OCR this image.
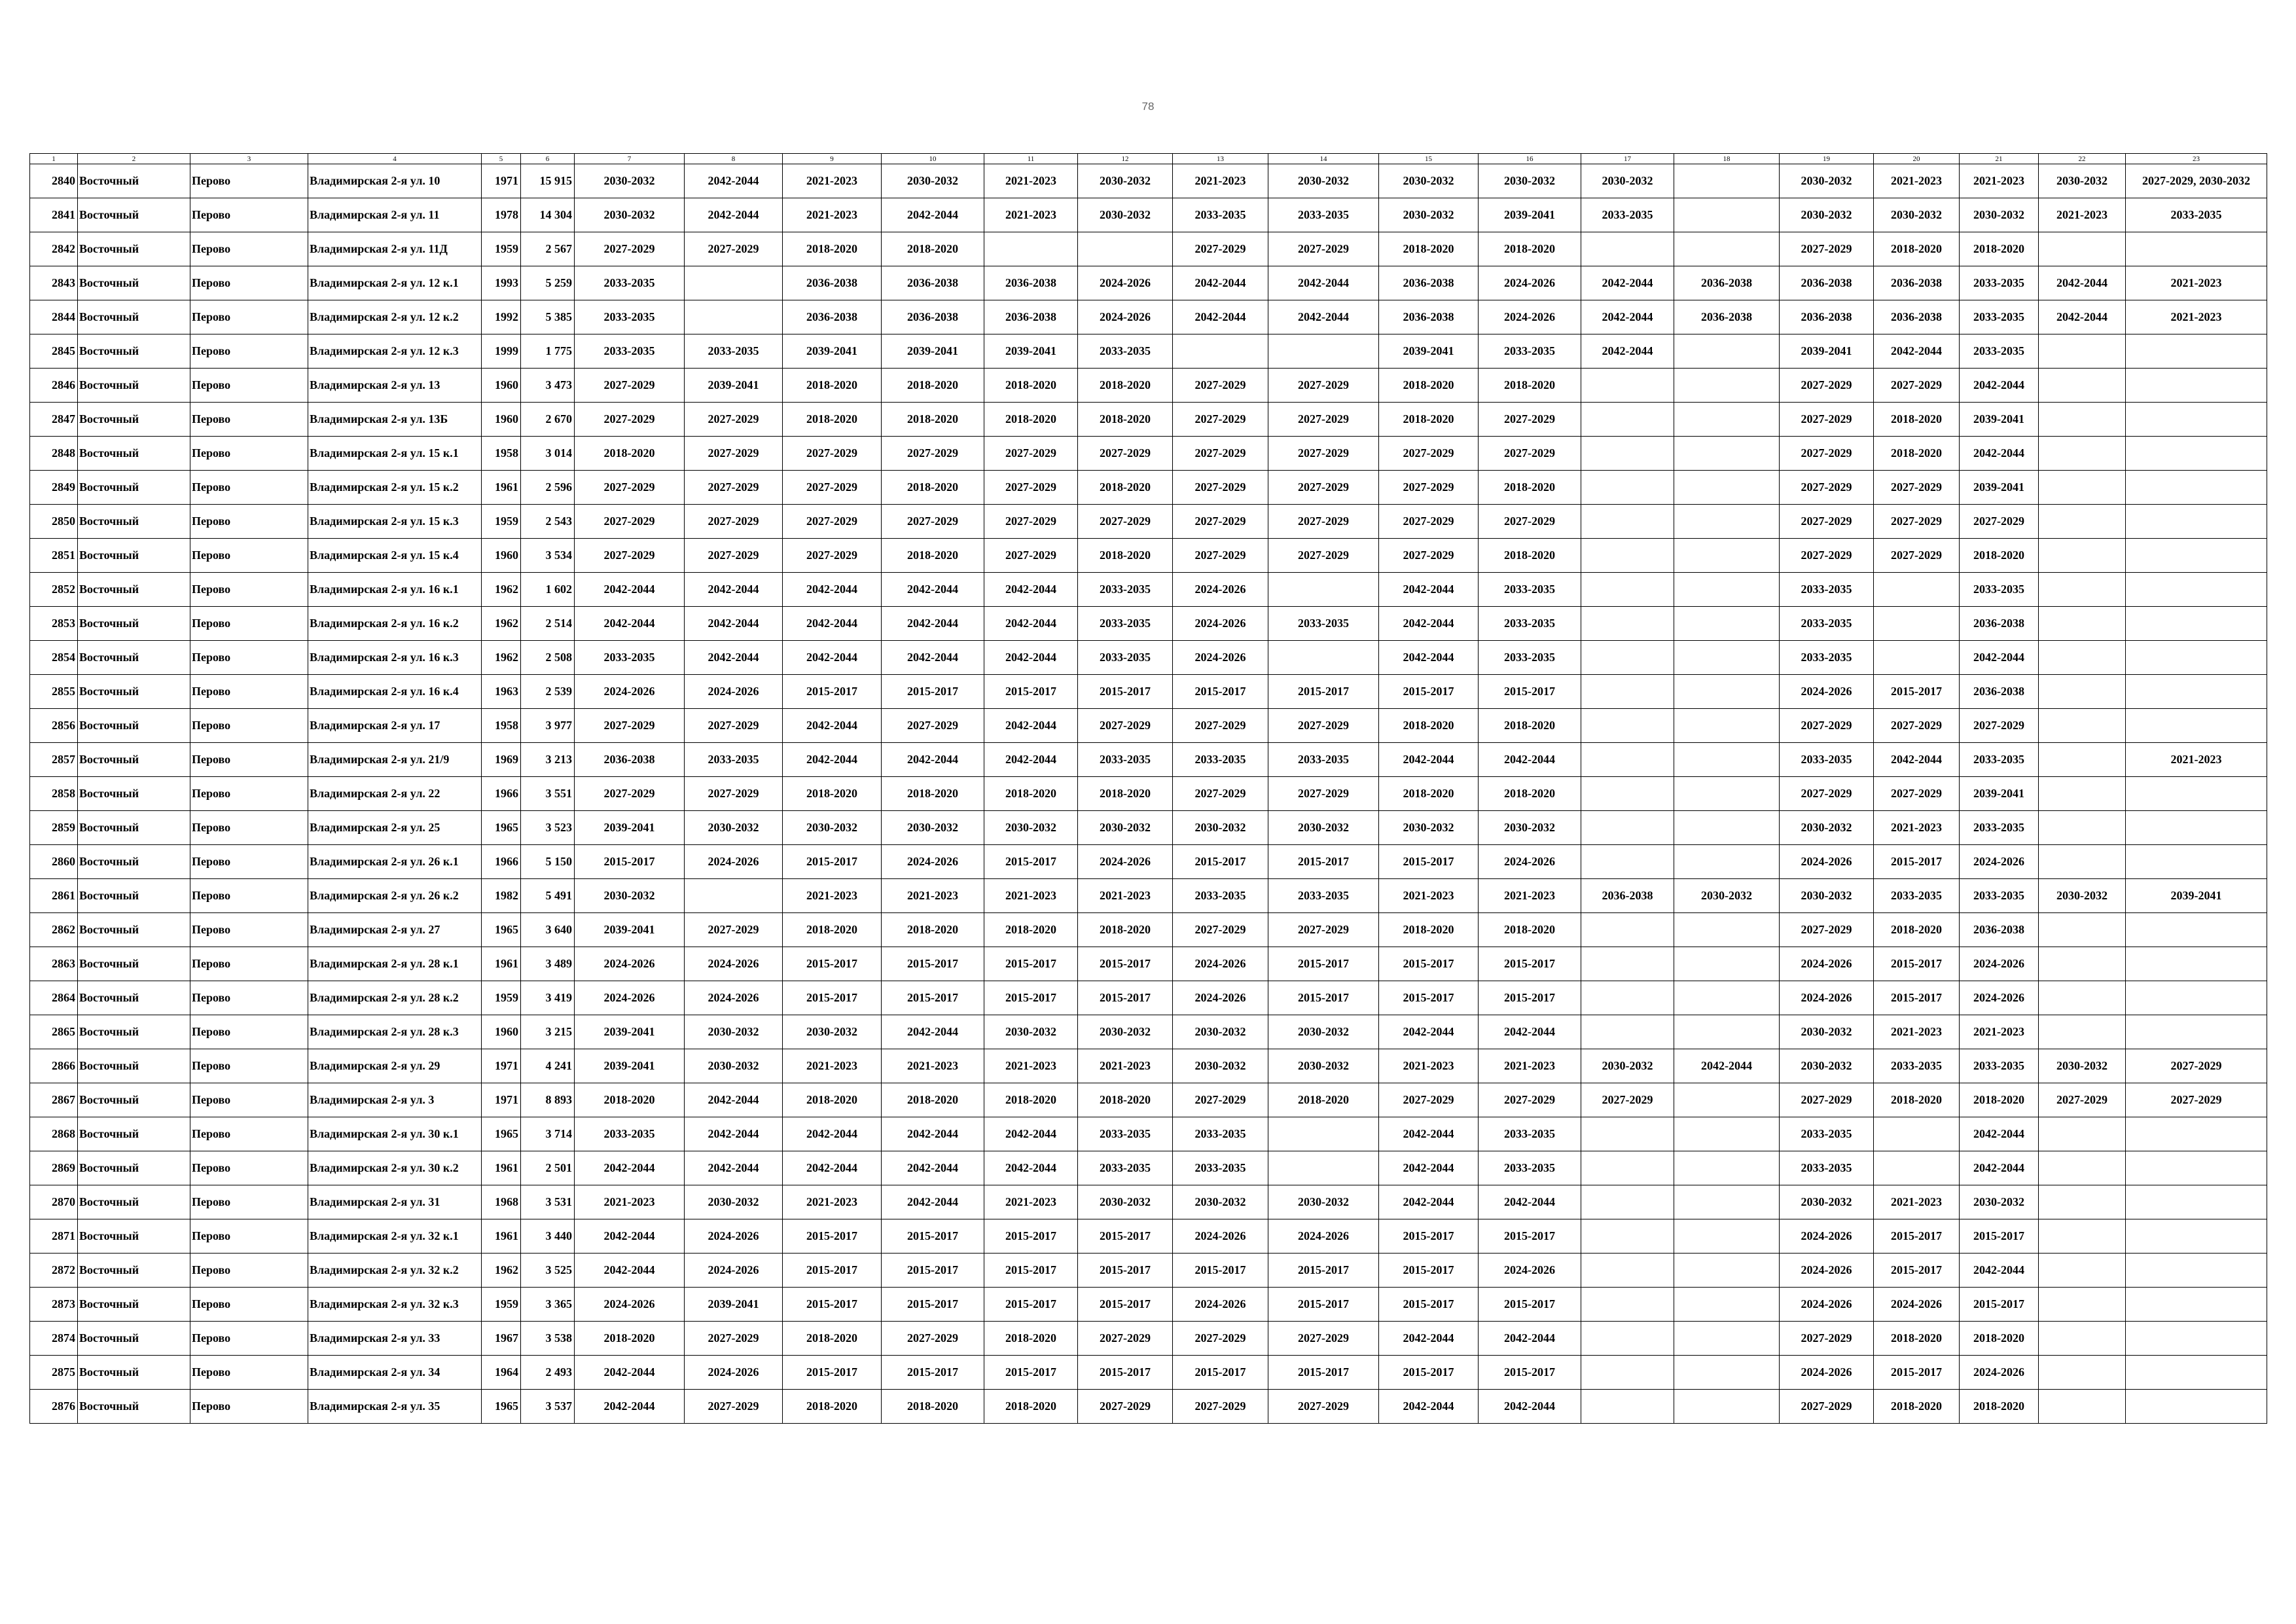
78
1	2	3	4	5	6	7	8	9	10	11	12	13	14	15	16	17	18	19	20	21	22	23
2840	Восточный	Перово	Владимирская 2-я ул. 10	1971	15 915	2030-2032	2042-2044	2021-2023	2030-2032	2021-2023	2030-2032	2021-2023	2030-2032	2030-2032	2030-2032	2030-2032		2030-2032	2021-2023	2021-2023	2030-2032	2027-2029, 2030-2032
2841	Восточный	Перово	Владимирская 2-я ул. 11	1978	14 304	2030-2032	2042-2044	2021-2023	2042-2044	2021-2023	2030-2032	2033-2035	2033-2035	2030-2032	2039-2041	2033-2035		2030-2032	2030-2032	2030-2032	2021-2023	2033-2035
2842	Восточный	Перово	Владимирская 2-я ул. 11Д	1959	2 567	2027-2029	2027-2029	2018-2020	2018-2020			2027-2029	2027-2029	2018-2020	2018-2020			2027-2029	2018-2020	2018-2020		
2843	Восточный	Перово	Владимирская 2-я ул. 12 к.1	1993	5 259	2033-2035		2036-2038	2036-2038	2036-2038	2024-2026	2042-2044	2042-2044	2036-2038	2024-2026	2042-2044	2036-2038	2036-2038	2036-2038	2033-2035	2042-2044	2021-2023
2844	Восточный	Перово	Владимирская 2-я ул. 12 к.2	1992	5 385	2033-2035		2036-2038	2036-2038	2036-2038	2024-2026	2042-2044	2042-2044	2036-2038	2024-2026	2042-2044	2036-2038	2036-2038	2036-2038	2033-2035	2042-2044	2021-2023
2845	Восточный	Перово	Владимирская 2-я ул. 12 к.3	1999	1 775	2033-2035	2033-2035	2039-2041	2039-2041	2039-2041	2033-2035			2039-2041	2033-2035	2042-2044		2039-2041	2042-2044	2033-2035		
2846	Восточный	Перово	Владимирская 2-я ул. 13	1960	3 473	2027-2029	2039-2041	2018-2020	2018-2020	2018-2020	2018-2020	2027-2029	2027-2029	2018-2020	2018-2020			2027-2029	2027-2029	2042-2044		
2847	Восточный	Перово	Владимирская 2-я ул. 13Б	1960	2 670	2027-2029	2027-2029	2018-2020	2018-2020	2018-2020	2018-2020	2027-2029	2027-2029	2018-2020	2027-2029			2027-2029	2018-2020	2039-2041		
2848	Восточный	Перово	Владимирская 2-я ул. 15 к.1	1958	3 014	2018-2020	2027-2029	2027-2029	2027-2029	2027-2029	2027-2029	2027-2029	2027-2029	2027-2029	2027-2029			2027-2029	2018-2020	2042-2044		
2849	Восточный	Перово	Владимирская 2-я ул. 15 к.2	1961	2 596	2027-2029	2027-2029	2027-2029	2018-2020	2027-2029	2018-2020	2027-2029	2027-2029	2027-2029	2018-2020			2027-2029	2027-2029	2039-2041		
2850	Восточный	Перово	Владимирская 2-я ул. 15 к.3	1959	2 543	2027-2029	2027-2029	2027-2029	2027-2029	2027-2029	2027-2029	2027-2029	2027-2029	2027-2029	2027-2029			2027-2029	2027-2029	2027-2029		
2851	Восточный	Перово	Владимирская 2-я ул. 15 к.4	1960	3 534	2027-2029	2027-2029	2027-2029	2018-2020	2027-2029	2018-2020	2027-2029	2027-2029	2027-2029	2018-2020			2027-2029	2027-2029	2018-2020		
2852	Восточный	Перово	Владимирская 2-я ул. 16 к.1	1962	1 602	2042-2044	2042-2044	2042-2044	2042-2044	2042-2044	2033-2035	2024-2026		2042-2044	2033-2035			2033-2035		2033-2035		
2853	Восточный	Перово	Владимирская 2-я ул. 16 к.2	1962	2 514	2042-2044	2042-2044	2042-2044	2042-2044	2042-2044	2033-2035	2024-2026	2033-2035	2042-2044	2033-2035			2033-2035		2036-2038		
2854	Восточный	Перово	Владимирская 2-я ул. 16 к.3	1962	2 508	2033-2035	2042-2044	2042-2044	2042-2044	2042-2044	2033-2035	2024-2026		2042-2044	2033-2035			2033-2035		2042-2044		
2855	Восточный	Перово	Владимирская 2-я ул. 16 к.4	1963	2 539	2024-2026	2024-2026	2015-2017	2015-2017	2015-2017	2015-2017	2015-2017	2015-2017	2015-2017	2015-2017			2024-2026	2015-2017	2036-2038		
2856	Восточный	Перово	Владимирская 2-я ул. 17	1958	3 977	2027-2029	2027-2029	2042-2044	2027-2029	2042-2044	2027-2029	2027-2029	2027-2029	2018-2020	2018-2020			2027-2029	2027-2029	2027-2029		
2857	Восточный	Перово	Владимирская 2-я ул. 21/9	1969	3 213	2036-2038	2033-2035	2042-2044	2042-2044	2042-2044	2033-2035	2033-2035	2033-2035	2042-2044	2042-2044			2033-2035	2042-2044	2033-2035		2021-2023
2858	Восточный	Перово	Владимирская 2-я ул. 22	1966	3 551	2027-2029	2027-2029	2018-2020	2018-2020	2018-2020	2018-2020	2027-2029	2027-2029	2018-2020	2018-2020			2027-2029	2027-2029	2039-2041		
2859	Восточный	Перово	Владимирская 2-я ул. 25	1965	3 523	2039-2041	2030-2032	2030-2032	2030-2032	2030-2032	2030-2032	2030-2032	2030-2032	2030-2032	2030-2032			2030-2032	2021-2023	2033-2035		
2860	Восточный	Перово	Владимирская 2-я ул. 26 к.1	1966	5 150	2015-2017	2024-2026	2015-2017	2024-2026	2015-2017	2024-2026	2015-2017	2015-2017	2015-2017	2024-2026			2024-2026	2015-2017	2024-2026		
2861	Восточный	Перово	Владимирская 2-я ул. 26 к.2	1982	5 491	2030-2032		2021-2023	2021-2023	2021-2023	2021-2023	2033-2035	2033-2035	2021-2023	2021-2023	2036-2038	2030-2032	2030-2032	2033-2035	2033-2035	2030-2032	2039-2041
2862	Восточный	Перово	Владимирская 2-я ул. 27	1965	3 640	2039-2041	2027-2029	2018-2020	2018-2020	2018-2020	2018-2020	2027-2029	2027-2029	2018-2020	2018-2020			2027-2029	2018-2020	2036-2038		
2863	Восточный	Перово	Владимирская 2-я ул. 28 к.1	1961	3 489	2024-2026	2024-2026	2015-2017	2015-2017	2015-2017	2015-2017	2024-2026	2015-2017	2015-2017	2015-2017			2024-2026	2015-2017	2024-2026		
2864	Восточный	Перово	Владимирская 2-я ул. 28 к.2	1959	3 419	2024-2026	2024-2026	2015-2017	2015-2017	2015-2017	2015-2017	2024-2026	2015-2017	2015-2017	2015-2017			2024-2026	2015-2017	2024-2026		
2865	Восточный	Перово	Владимирская 2-я ул. 28 к.3	1960	3 215	2039-2041	2030-2032	2030-2032	2042-2044	2030-2032	2030-2032	2030-2032	2030-2032	2042-2044	2042-2044			2030-2032	2021-2023	2021-2023		
2866	Восточный	Перово	Владимирская 2-я ул. 29	1971	4 241	2039-2041	2030-2032	2021-2023	2021-2023	2021-2023	2021-2023	2030-2032	2030-2032	2021-2023	2021-2023	2030-2032	2042-2044	2030-2032	2033-2035	2033-2035	2030-2032	2027-2029
2867	Восточный	Перово	Владимирская 2-я ул. 3	1971	8 893	2018-2020	2042-2044	2018-2020	2018-2020	2018-2020	2018-2020	2027-2029	2018-2020	2027-2029	2027-2029	2027-2029		2027-2029	2018-2020	2018-2020	2027-2029	2027-2029
2868	Восточный	Перово	Владимирская 2-я ул. 30 к.1	1965	3 714	2033-2035	2042-2044	2042-2044	2042-2044	2042-2044	2033-2035	2033-2035		2042-2044	2033-2035			2033-2035		2042-2044		
2869	Восточный	Перово	Владимирская 2-я ул. 30 к.2	1961	2 501	2042-2044	2042-2044	2042-2044	2042-2044	2042-2044	2033-2035	2033-2035		2042-2044	2033-2035			2033-2035		2042-2044		
2870	Восточный	Перово	Владимирская 2-я ул. 31	1968	3 531	2021-2023	2030-2032	2021-2023	2042-2044	2021-2023	2030-2032	2030-2032	2030-2032	2042-2044	2042-2044			2030-2032	2021-2023	2030-2032		
2871	Восточный	Перово	Владимирская 2-я ул. 32 к.1	1961	3 440	2042-2044	2024-2026	2015-2017	2015-2017	2015-2017	2015-2017	2024-2026	2024-2026	2015-2017	2015-2017			2024-2026	2015-2017	2015-2017		
2872	Восточный	Перово	Владимирская 2-я ул. 32 к.2	1962	3 525	2042-2044	2024-2026	2015-2017	2015-2017	2015-2017	2015-2017	2015-2017	2015-2017	2015-2017	2024-2026			2024-2026	2015-2017	2042-2044		
2873	Восточный	Перово	Владимирская 2-я ул. 32 к.3	1959	3 365	2024-2026	2039-2041	2015-2017	2015-2017	2015-2017	2015-2017	2024-2026	2015-2017	2015-2017	2015-2017			2024-2026	2024-2026	2015-2017		
2874	Восточный	Перово	Владимирская 2-я ул. 33	1967	3 538	2018-2020	2027-2029	2018-2020	2027-2029	2018-2020	2027-2029	2027-2029	2027-2029	2042-2044	2042-2044			2027-2029	2018-2020	2018-2020		
2875	Восточный	Перово	Владимирская 2-я ул. 34	1964	2 493	2042-2044	2024-2026	2015-2017	2015-2017	2015-2017	2015-2017	2015-2017	2015-2017	2015-2017	2015-2017			2024-2026	2015-2017	2024-2026		
2876	Восточный	Перово	Владимирская 2-я ул. 35	1965	3 537	2042-2044	2027-2029	2018-2020	2018-2020	2018-2020	2027-2029	2027-2029	2027-2029	2042-2044	2042-2044			2027-2029	2018-2020	2018-2020		
